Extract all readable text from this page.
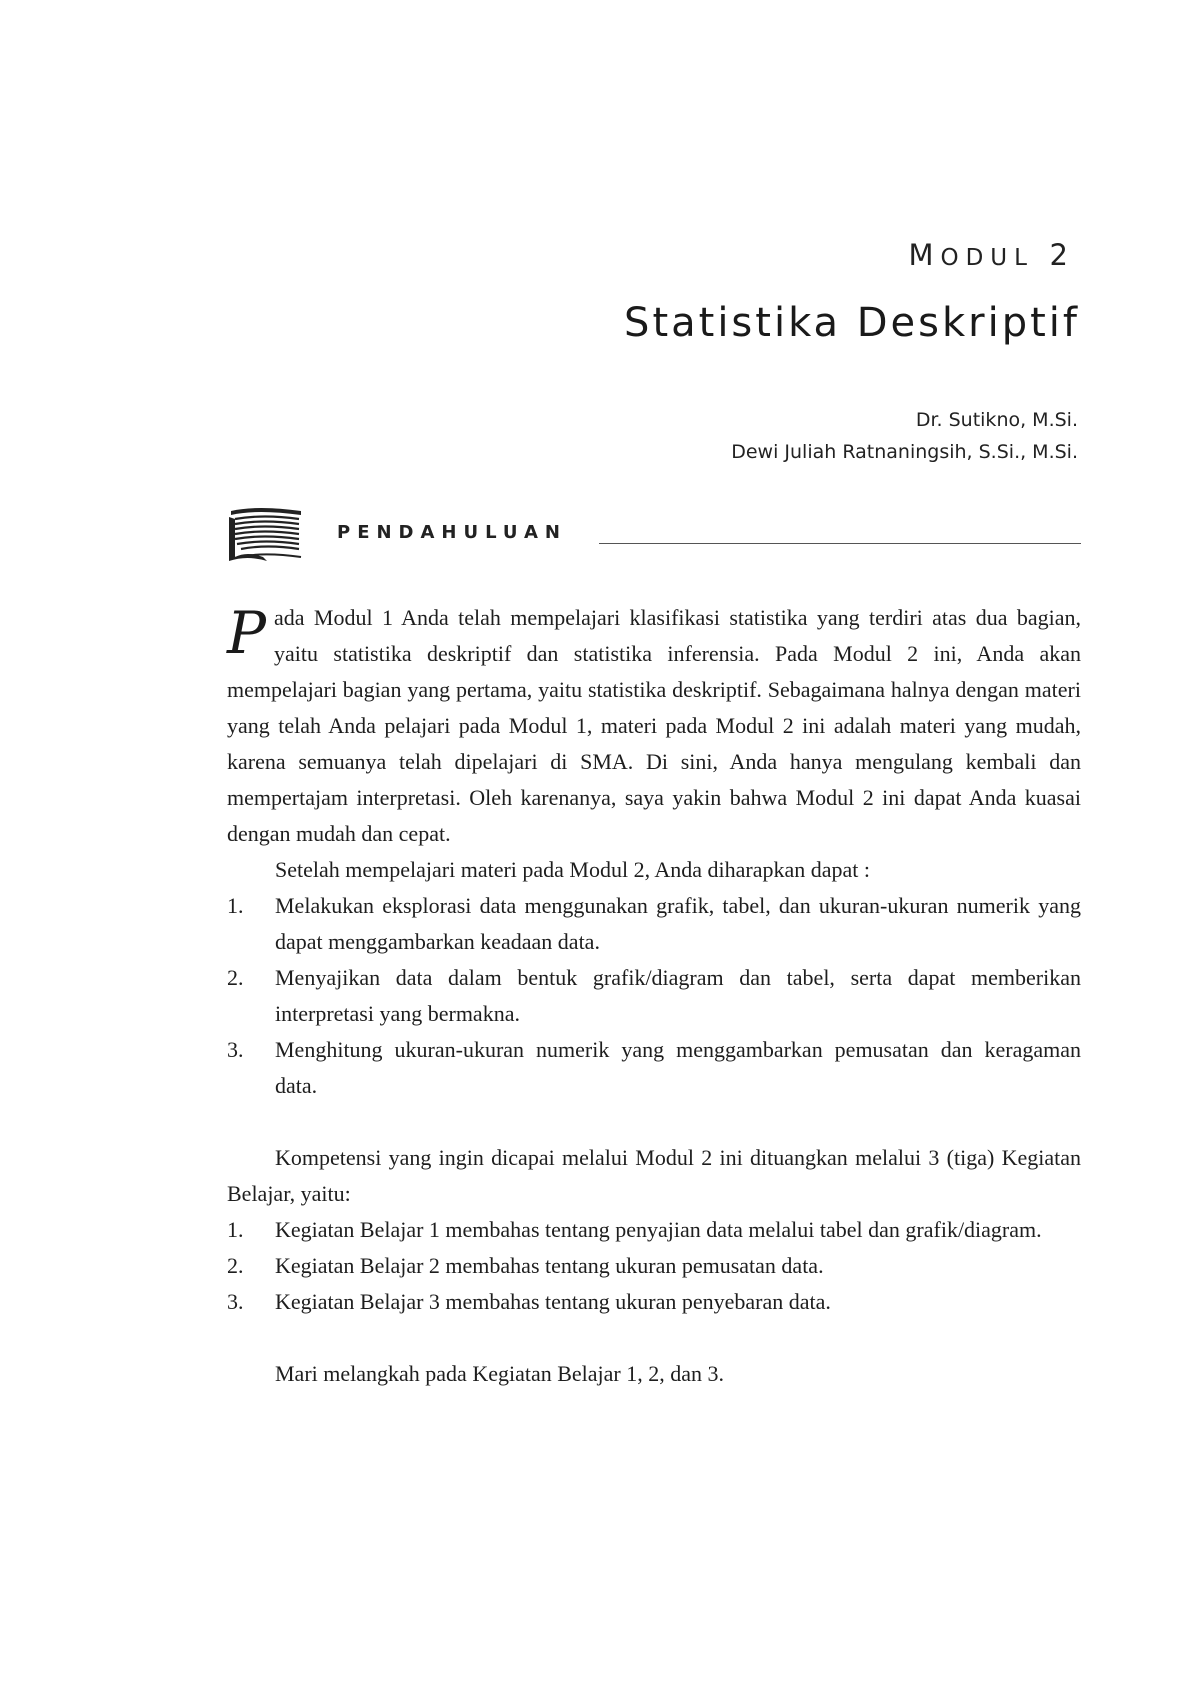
MODUL 2
Statistika Deskriptif
Dr. Sutikno, M.Si.
Dewi Juliah Ratnaningsih, S.Si., M.Si.
PENDAHULUAN

Pada Modul 1 Anda telah mempelajari klasifikasi statistika yang terdiri atas dua bagian, yaitu statistika deskriptif dan statistika inferensia. Pada Modul 2 ini, Anda akan mempelajari bagian yang pertama, yaitu statistika deskriptif. Sebagaimana halnya dengan materi yang telah Anda pelajari pada Modul 1, materi pada Modul 2 ini adalah materi yang mudah, karena semuanya telah dipelajari di SMA. Di sini, Anda hanya mengulang kembali dan mempertajam interpretasi. Oleh karenanya, saya yakin bahwa Modul 2 ini dapat Anda kuasai dengan mudah dan cepat.

Setelah mempelajari materi pada Modul 2, Anda diharapkan dapat :

1. Melakukan eksplorasi data menggunakan grafik, tabel, dan ukuran-ukuran numerik yang dapat menggambarkan keadaan data.
2. Menyajikan data dalam bentuk grafik/diagram dan tabel, serta dapat memberikan interpretasi yang bermakna.
3. Menghitung ukuran-ukuran numerik yang menggambarkan pemusatan dan keragaman data.

Kompetensi yang ingin dicapai melalui Modul 2 ini dituangkan melalui 3 (tiga) Kegiatan Belajar, yaitu:

1. Kegiatan Belajar 1 membahas tentang penyajian data melalui tabel dan grafik/diagram.
2. Kegiatan Belajar 2 membahas tentang ukuran pemusatan data.
3. Kegiatan Belajar 3 membahas tentang ukuran penyebaran data.

Mari melangkah pada Kegiatan Belajar 1, 2, dan 3.
